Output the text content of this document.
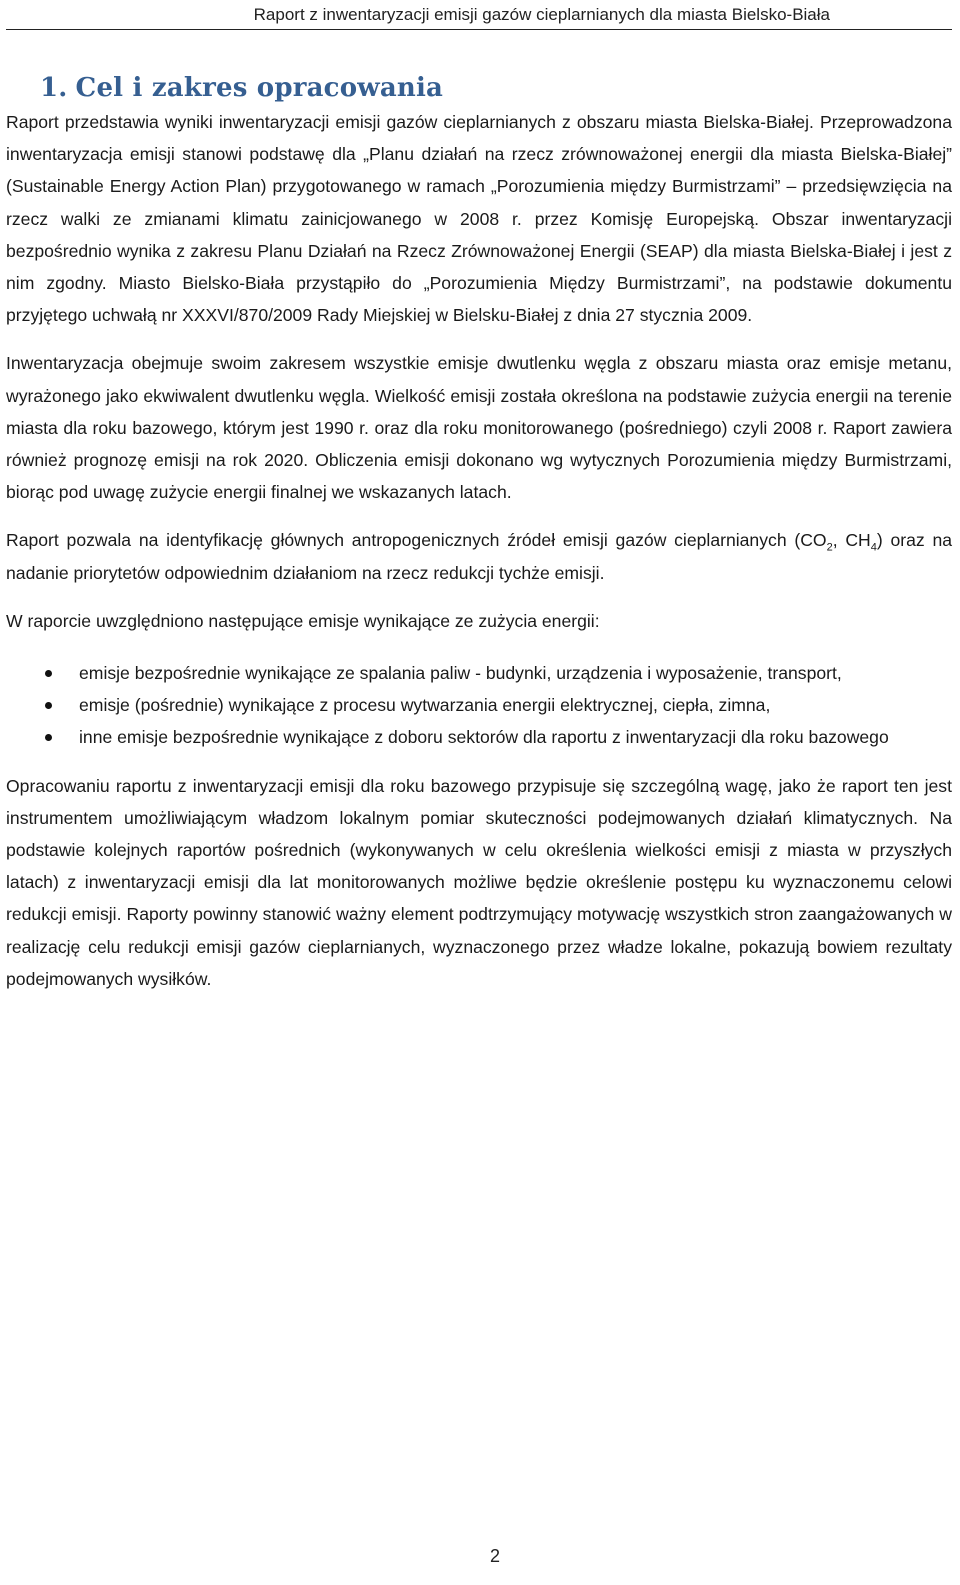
Raport z inwentaryzacji emisji gazów cieplarnianych dla miasta Bielsko-Biała
1. Cel i zakres opracowania

Raport przedstawia wyniki inwentaryzacji emisji gazów cieplarnianych z obszaru miasta Bielska-Białej. Przeprowadzona inwentaryzacja emisji stanowi podstawę dla „Planu działań na rzecz zrównoważonej energii dla miasta Bielska-Białej” (Sustainable Energy Action Plan) przygotowanego w ramach „Porozumienia między Burmistrzami” – przedsięwzięcia na rzecz walki ze zmianami klimatu zainicjowanego w 2008 r. przez Komisję Europejską. Obszar inwentaryzacji bezpośrednio wynika z zakresu Planu Działań na Rzecz Zrównoważonej Energii (SEAP) dla miasta Bielska-Białej i jest z nim zgodny. Miasto Bielsko-Biała przystąpiło do „Porozumienia Między Burmistrzami”, na podstawie dokumentu przyjętego uchwałą nr XXXVI/870/2009 Rady Miejskiej w Bielsku-Białej z dnia 27 stycznia 2009.

Inwentaryzacja obejmuje swoim zakresem wszystkie emisje dwutlenku węgla z obszaru miasta oraz emisje metanu, wyrażonego jako ekwiwalent dwutlenku węgla. Wielkość emisji została określona na podstawie zużycia energii na terenie miasta dla roku bazowego, którym jest 1990 r. oraz dla roku monitorowanego (pośredniego) czyli 2008 r. Raport zawiera również prognozę emisji na rok 2020. Obliczenia emisji dokonano wg wytycznych Porozumienia między Burmistrzami, biorąc pod uwagę zużycie energii finalnej we wskazanych latach.

Raport pozwala na identyfikację głównych antropogenicznych źródeł emisji gazów cieplarnianych ($CO_2$, $CH_4$) oraz na nadanie priorytetów odpowiednim działaniom na rzecz redukcji tychże emisji.

W raporcie uwzględniono następujące emisje wynikające ze zużycia energii:

emisje bezpośrednie wynikające ze spalania paliw - budynki, urządzenia i wyposażenie, transport,
emisje (pośrednie) wynikające z procesu wytwarzania energii elektrycznej, ciepła, zimna,
inne emisje bezpośrednie wynikające z doboru sektorów dla raportu z inwentaryzacji dla roku bazowego

Opracowaniu raportu z inwentaryzacji emisji dla roku bazowego przypisuje się szczególną wagę, jako że raport ten jest instrumentem umożliwiającym władzom lokalnym pomiar skuteczności podejmowanych działań klimatycznych. Na podstawie kolejnych raportów pośrednich (wykonywanych w celu określenia wielkości emisji z miasta w przyszłych latach) z inwentaryzacji emisji dla lat monitorowanych możliwe będzie określenie postępu ku wyznaczonemu celowi redukcji emisji. Raporty powinny stanowić ważny element podtrzymujący motywację wszystkich stron zaangażowanych w realizację celu redukcji emisji gazów cieplarnianych, wyznaczonego przez władze lokalne, pokazują bowiem rezultaty podejmowanych wysiłków.

2
